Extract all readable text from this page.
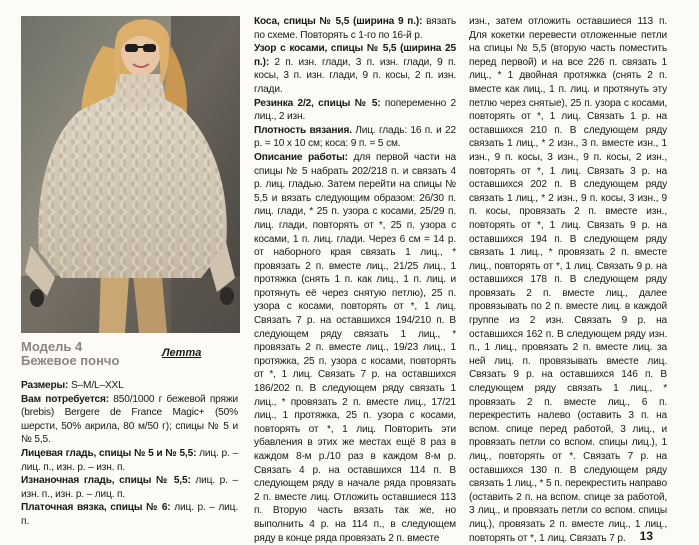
Модель 4
Бежевое пончо	Летта

Размеры: S–M/L–XXL

Вам потребуется: 850/1000 г бежевой пряжи (brebis) Bergere de France Magic+ (50% шерсти, 50% акрила, 80 м/50 г); спицы № 5 и № 5,5.

Лицевая гладь, спицы № 5 и № 5,5: лиц. р. – лиц. п., изн. р. – изн. п.

Изнаночная гладь, спицы № 5,5: лиц. р. – изн. п., изн. р. – лиц. п.

Платочная вязка, спицы № 6: лиц. р. – лиц. п.

Коса, спицы № 5,5 (ширина 9 п.): вязать по схеме. Повторять с 1-го по 16-й р.

Узор с косами, спицы № 5,5 (ширина 25 п.): 2 п. изн. глади, 3 п. изн. глади, 9 п. косы, 3 п. изн. глади, 9 п. косы, 2 п. изн. глади.

Резинка 2/2, спицы № 5: попеременно 2 лиц., 2 изн.

Плотность вязания. Лиц. гладь: 16 п. и 22 р. = 10 х 10 см; коса: 9 п. = 5 см.

Описание работы: для первой части на спицы № 5 набрать 202/218 п. и связать 4 р. лиц. гладью. Затем перейти на спицы № 5,5 и вязать следующим образом: 26/30 п. лиц. глади, * 25 п. узора с косами, 25/29 п. лиц. глади, повторять от *, 25 п. узора с косами, 1 п. лиц. глади. Через 6 см = 14 р. от наборного края связать 1 лиц., * провязать 2 п. вместе лиц., 21/25 лиц., 1 протяжка (снять 1 п. как лиц., 1 п. лиц. и протянуть её через снятую петлю), 25 п. узора с косами, повторять от *, 1 лиц. Связать 7 р. на оставшихся 194/210 п. В следующем ряду связать 1 лиц., * провязать 2 п. вместе лиц., 19/23 лиц., 1 протяжка, 25 п. узора с косами, повторять от *, 1 лиц. Связать 7 р. на оставшихся 186/202 п. В следующем ряду связать 1 лиц., * провязать 2 п. вместе лиц., 17/21 лиц., 1 протяжка, 25 п. узора с косами, повторять от *, 1 лиц. Повторить эти убавления в этих же местах ещё 8 раз в каждом 8-м р./10 раз в каждом 8-м р. Связать 4 р. на оставшихся 114 п. В следующем ряду в начале ряда провязать 2 п. вместе лиц. Отложить оставшиеся 113 п. Вторую часть вязать так же, но выполнить 4 р. на 114 п., в следующем ряду в конце ряда провязать 2 п. вместе

изн., затем отложить оставшиеся 113 п. Для кокетки перевести отложенные петли на спицы № 5,5 (вторую часть поместить перед первой) и на все 226 п. связать 1 лиц., * 1 двойная протяжка (снять 2 п. вместе как лиц., 1 п. лиц. и протянуть эту петлю через снятые), 25 п. узора с косами, повторять от *, 1 лиц. Связать 1 р. на оставшихся 210 п. В следующем ряду связать 1 лиц., * 2 изн., 3 п. вместе изн., 1 изн., 9 п. косы, 3 изн., 9 п. косы, 2 изн., повторять от *, 1 лиц. Связать 3 р. на оставшихся 202 п. В следующем ряду связать 1 лиц., * 2 изн., 9 п. косы, 3 изн., 9 п. косы, провязать 2 п. вместе изн., повторять от *, 1 лиц. Связать 9 р. на оставшихся 194 п. В следующем ряду связать 1 лиц., * провязать 2 п. вместе лиц., повторять от *, 1 лиц. Связать 9 р. на оставшихся 178 п. В следующем ряду провязать 2 п. вместе лиц., далее провязывать по 2 п. вместе лиц. в каждой группе из 2 изн. Связать 9 р. на оставшихся 162 п. В следующем ряду изн. п., 1 лиц., провязать 2 п. вместе лиц. за ней лиц. п. провязывать вместе лиц. Связать 9 р. на оставшихся 146 п. В следующем ряду связать 1 лиц., * провязать 2 п. вместе лиц., 6 п. перекрестить налево (оставить 3 п. на вспом. спице перед работой, 3 лиц., и провязать петли со вспом. спицы лиц.), 1 лиц., повторять от *. Связать 7 р. на оставшихся 130 п. В следующем ряду связать 1 лиц., * 5 п. перекрестить направо (оставить 2 п. на вспом. спице за работой, 3 лиц., и провязать петли со вспом. спицы лиц.), провязать 2 п. вместе лиц., 1 лиц., повторять от *, 1 лиц. Связать 7 р.	13
